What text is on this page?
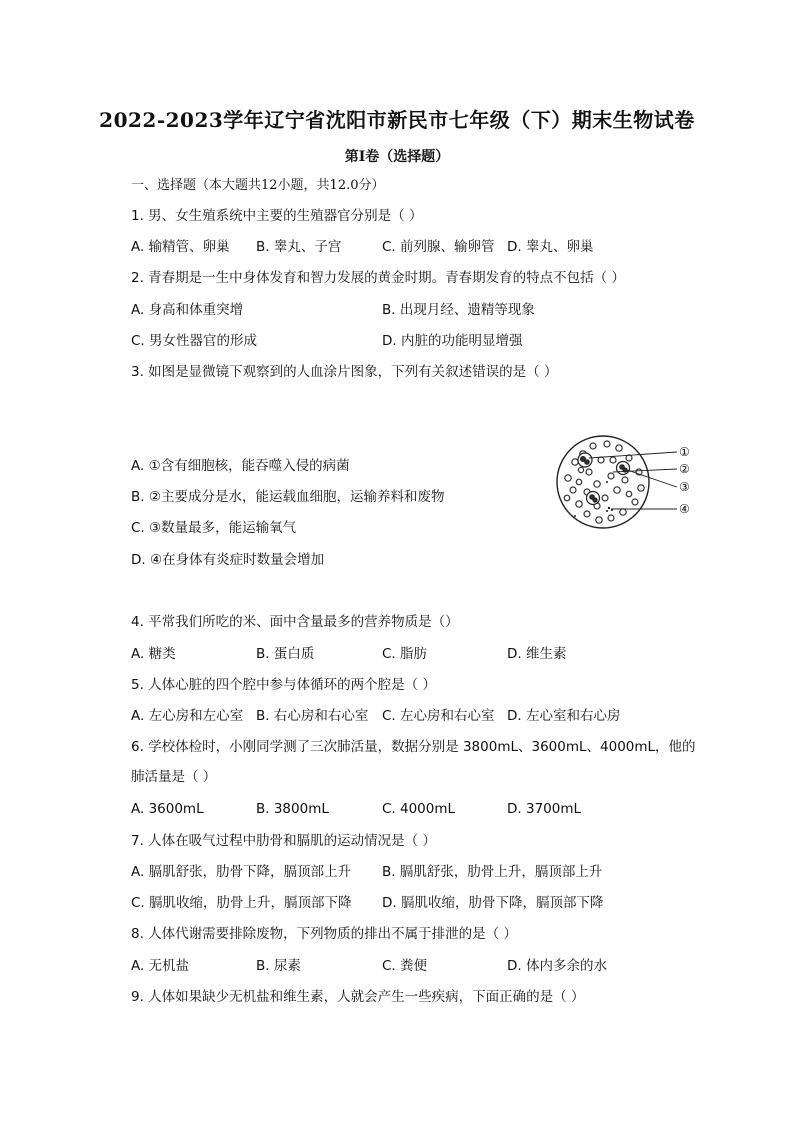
2022-2023学年辽宁省沈阳市新民市七年级（下）期末生物试卷
第Ⅰ卷（选择题）
一、选择题（本大题共12小题，共12.0分）
1. 男、女生殖系统中主要的生殖器官分别是（ ）
A. 输精管、卵巢 B. 睾丸、子宫	C. 前列腺、输卵管 D. 睾丸、卵巢
2. 青春期是一生中身体发育和智力发展的黄金时期。青春期发育的特点不包括（ ）
A. 身高和体重突增	B. 出现月经、遗精等现象
C. 男女性器官的形成	D. 内脏的功能明显增强
3. 如图是显微镜下观察到的人血涂片图象，下列有关叙述错误的是（ ）
A. ①含有细胞核，能吞噬入侵的病菌
B. ②主要成分是水，能运载血细胞，运输养料和废物
C. ③数量最多，能运输氧气
D. ④在身体有炎症时数量会增加
①
②
③
④
4. 平常我们所吃的米、面中含量最多的营养物质是（）
A. 糖类	B. 蛋白质	C. 脂肪	D. 维生素
5. 人体心脏的四个腔中参与体循环的两个腔是（ ）
A. 左心房和左心室 B. 右心房和右心室 C. 左心房和右心室 D. 左心室和右心房
6. 学校体检时，小刚同学测了三次肺活量，数据分别是 3800mL、3600mL、4000mL，他的
肺活量是（ ）
A. 3600mL	B. 3800mL	C. 4000mL	D. 3700mL
7. 人体在吸气过程中肋骨和膈肌的运动情况是（ ）
A. 膈肌舒张，肋骨下降，膈顶部上升 B. 膈肌舒张，肋骨上升，膈顶部上升
C. 膈肌收缩，肋骨上升，膈顶部下降 D. 膈肌收缩，肋骨下降，膈顶部下降
8. 人体代谢需要排除废物，下列物质的排出不属于排泄的是（ ）
A. 无机盐	B. 尿素	C. 粪便	D. 体内多余的水
9. 人体如果缺少无机盐和维生素，人就会产生一些疾病，下面正确的是（ ）
